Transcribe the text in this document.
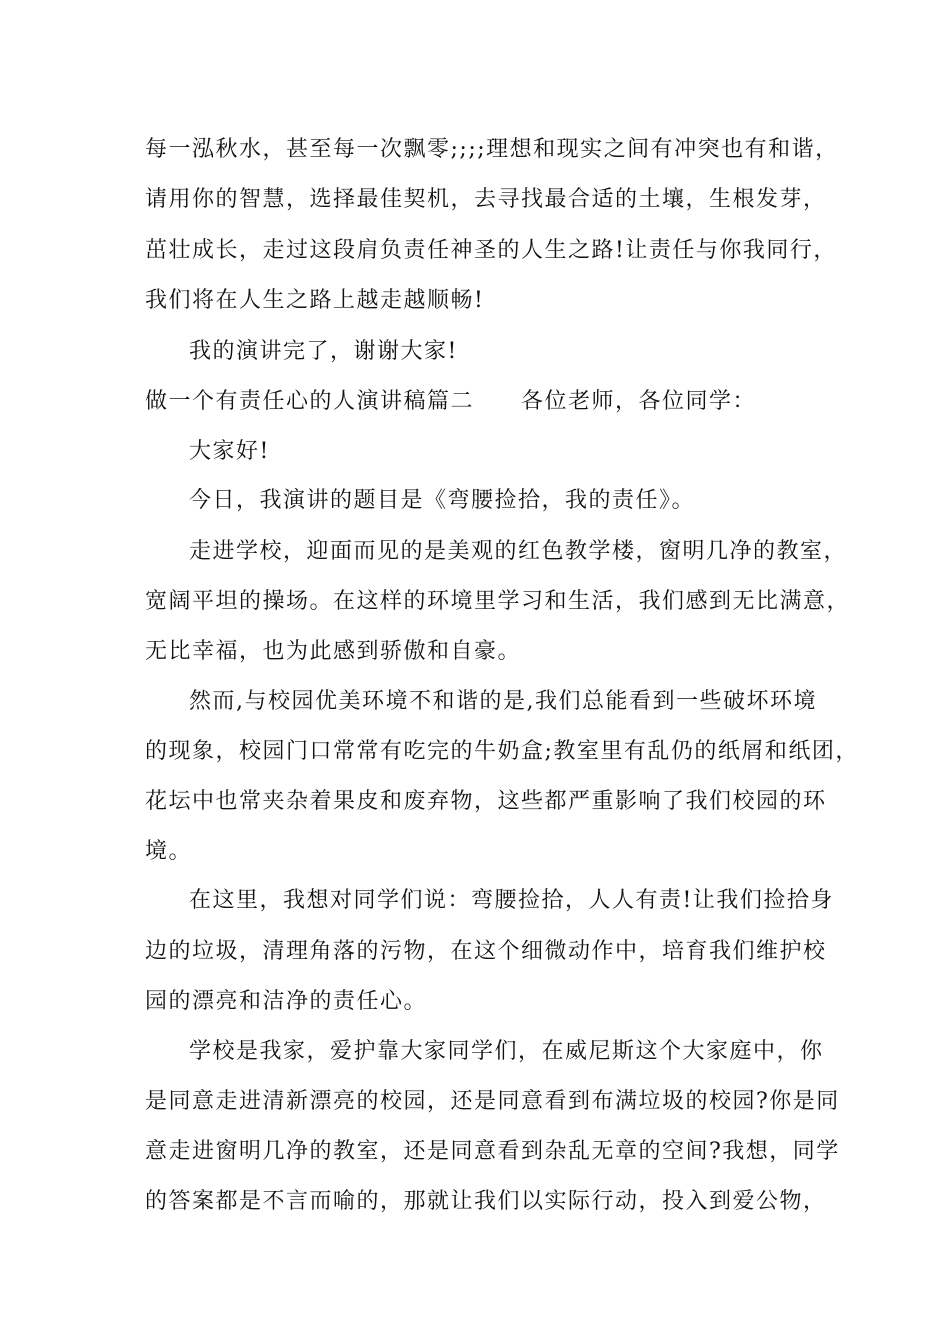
每一泓秋水，甚至每一次飘零;;;;理想和现实之间有冲突也有和谐，
请用你的智慧，选择最佳契机，去寻找最合适的土壤，生根发芽，
茁壮成长，走过这段肩负责任神圣的人生之路!让责任与你我同行，
我们将在人生之路上越走越顺畅!
我的演讲完了，谢谢大家!
做一个有责任心的人演讲稿篇二　　各位老师，各位同学：
大家好!
今日，我演讲的题目是《弯腰捡拾，我的责任》。
走进学校，迎面而见的是美观的红色教学楼，窗明几净的教室，
宽阔平坦的操场。在这样的环境里学习和生活，我们感到无比满意，
无比幸福，也为此感到骄傲和自豪。
然而,与校园优美环境不和谐的是,我们总能看到一些破坏环境
的现象，校园门口常常有吃完的牛奶盒;教室里有乱仍的纸屑和纸团，
花坛中也常夹杂着果皮和废弃物，这些都严重影响了我们校园的环
境。
在这里，我想对同学们说：弯腰捡拾，人人有责!让我们捡拾身
边的垃圾，清理角落的污物，在这个细微动作中，培育我们维护校
园的漂亮和洁净的责任心。
学校是我家，爱护靠大家同学们，在威尼斯这个大家庭中，你
是同意走进清新漂亮的校园，还是同意看到布满垃圾的校园?你是同
意走进窗明几净的教室，还是同意看到杂乱无章的空间?我想，同学
的答案都是不言而喻的，那就让我们以实际行动，投入到爱公物，
